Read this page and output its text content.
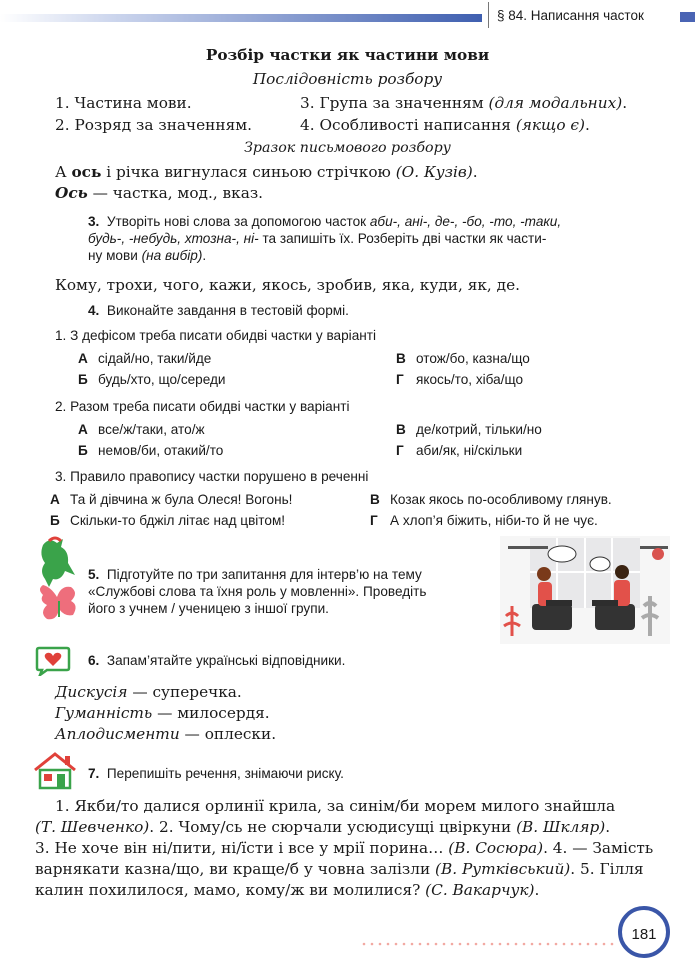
§ 84. Написання часток
Розбір частки як частини мови
Послідовність розбору
1. Частина мови.
2. Розряд за значенням.
3. Група за значенням (для модальних).
4. Особливості написання (якщо є).
Зразок письмового розбору
А ось і річка вигнулася синьою стрічкою (О. Кузів).
Ось — частка, мод., вказ.
3. Утворіть нові слова за допомогою часток аби-, ані-, де-, -бо, -то, -таки,
будь-, -небудь, хтозна-, ні- та запишіть їх. Розберіть дві частки як части-
ну мови (на вибір).
Кому, трохи, чого, кажи, якось, зробив, яка, куди, як, де.
4. Виконайте завдання в тестовій формі.
1. З дефісом треба писати обидві частки у варіанті
А сідай/но, таки/йде
Б будь/хто, що/середи
В отож/бо, казна/що
Г якось/то, хіба/що
2. Разом треба писати обидві частки у варіанті
А все/ж/таки, ато/ж
Б немов/би, отакий/то
В де/котрий, тільки/но
Г аби/як, ні/скільки
3. Правило правопису частки порушено в реченні
А Та й дівчина ж була Олеся! Вогонь!
Б Скільки-то бджіл літає над цвітом!
В Козак якось по-особливому глянув.
Г А хлоп’я біжить, ніби-то й не чує.
5. Підготуйте по три запитання для інтерв’ю на тему
«Службові слова та їхня роль у мовленні». Проведіть
його з учнем / ученицею з іншої групи.
6. Запам’ятайте українські відповідники.
Дискусія — суперечка.
Гуманність — милосердя.
Аплодисменти — оплески.
7. Перепишіть речення, знімаючи риску.
1. Якби/то далися орлинії крила, за синім/би морем милого знайшла
(Т. Шевченко). 2. Чому/сь не сюрчали усюдисущі цвіркуни (В. Шкляр).
3. Не хоче він ні/пити, ні/їсти і все у мрії порина… (В. Сосюра). 4. — Замість
варнякати казна/що, ви краще/б у човна залізли (В. Рутківський). 5. Гілля
калин похилилося, мамо, кому/ж ви молилися? (С. Вакарчук).
181
